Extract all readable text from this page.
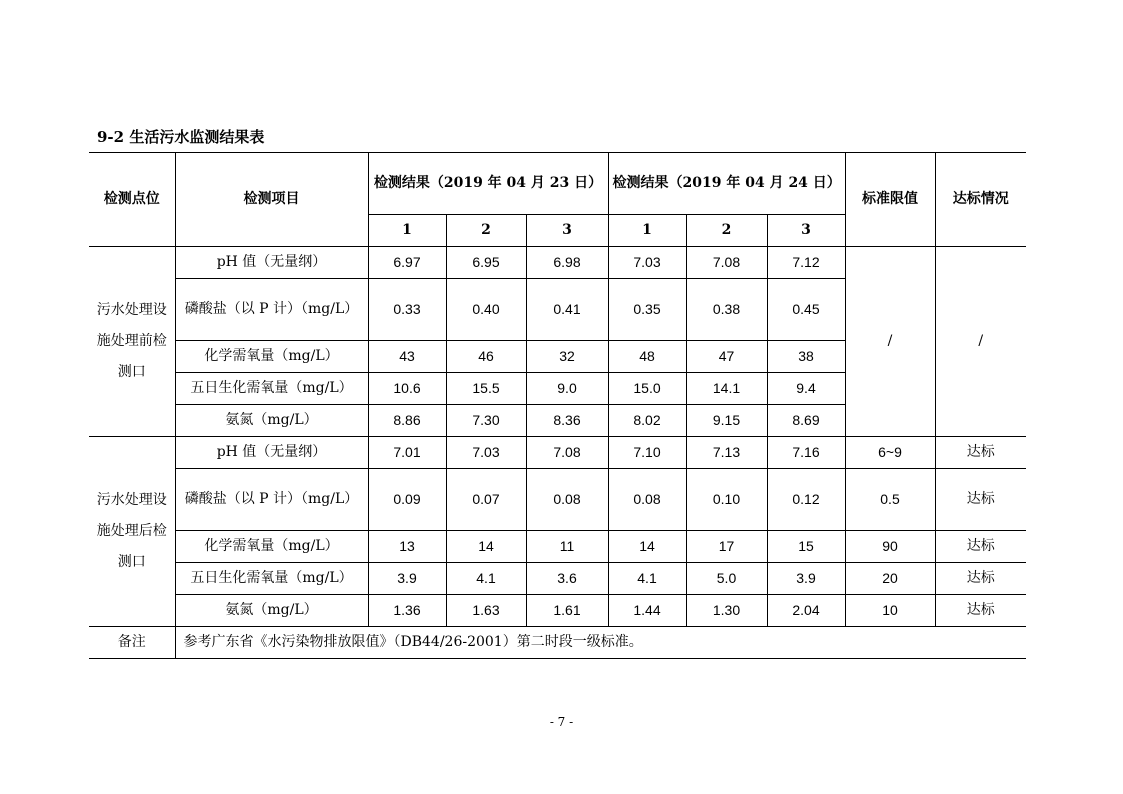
9-2 生活污水监测结果表
检测点位	检测项目	检测结果（2019 年 04 月 23 日）			检测结果（2019 年 04 月 24 日）			标准限值	达标情况
		1	2	3	1	2	3		
污水处理设施处理前检测口	pH 值（无量纲）	6.97	6.95	6.98	7.03	7.08	7.12	/	/
	磷酸盐（以 P 计）（mg/L）	0.33	0.40	0.41	0.35	0.38	0.45		
	化学需氧量（mg/L）	43	46	32	48	47	38		
	五日生化需氧量（mg/L）	10.6	15.5	9.0	15.0	14.1	9.4		
	氨氮（mg/L）	8.86	7.30	8.36	8.02	9.15	8.69		
污水处理设施处理后检测口	pH 值（无量纲）	7.01	7.03	7.08	7.10	7.13	7.16	6~9	达标
	磷酸盐（以 P 计）（mg/L）	0.09	0.07	0.08	0.08	0.10	0.12	0.5	达标
	化学需氧量（mg/L）	13	14	11	14	17	15	90	达标
	五日生化需氧量（mg/L）	3.9	4.1	3.6	4.1	5.0	3.9	20	达标
	氨氮（mg/L）	1.36	1.63	1.61	1.44	1.30	2.04	10	达标
备注	参考广东省《水污染物排放限值》（DB44/26-2001）第二时段一级标准。								
- 7 -
